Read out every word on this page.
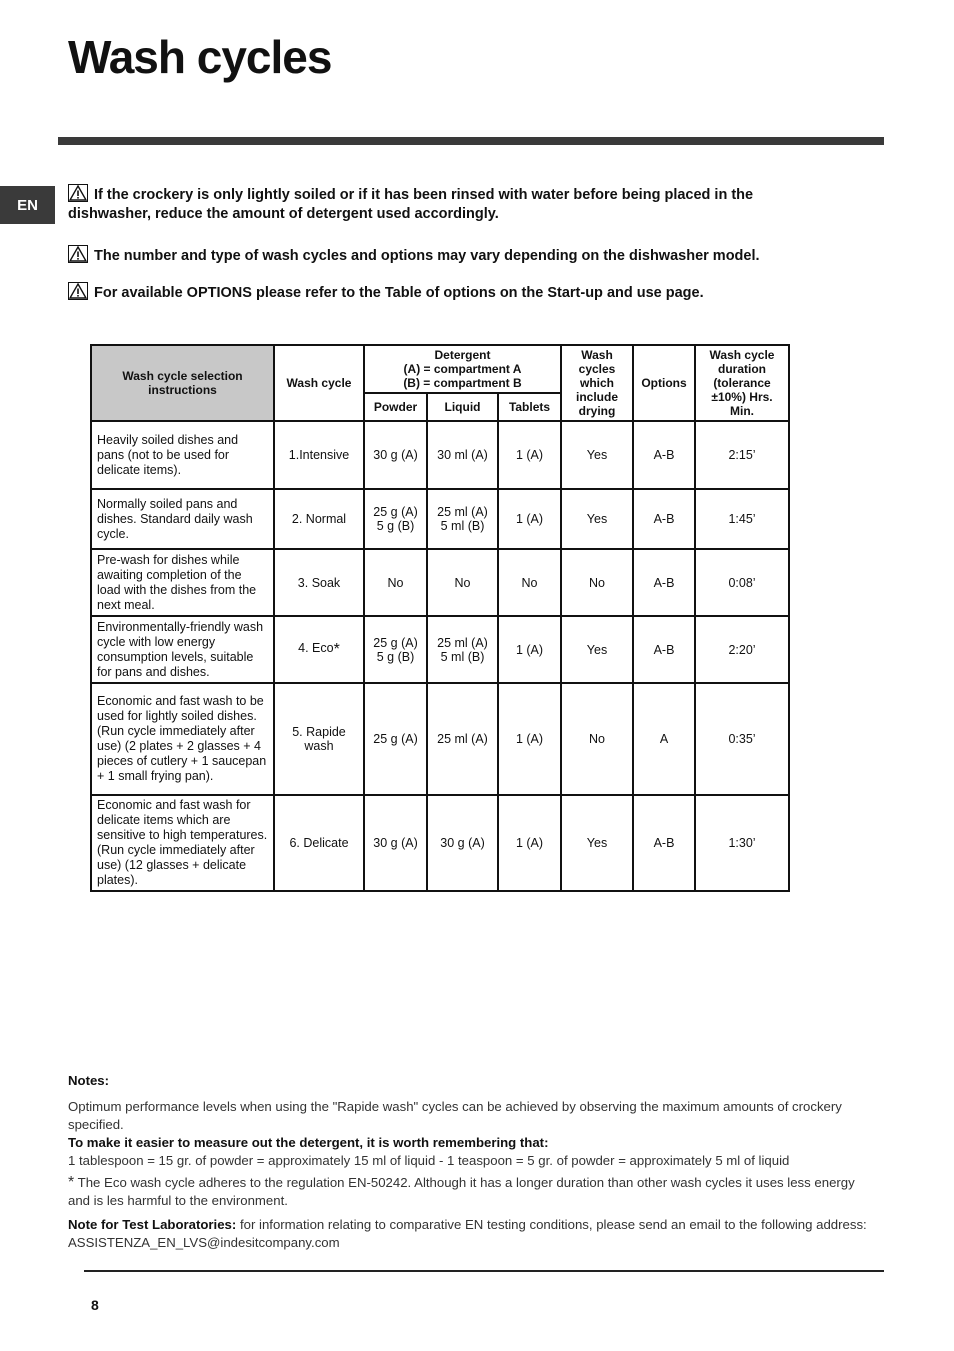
Wash cycles
EN
If the crockery is only lightly soiled or if it has been rinsed with water before being placed in the dishwasher, reduce the amount of detergent used accordingly.
The number and type of wash cycles and options may vary depending on the dishwasher model.
For available OPTIONS please refer to the Table of options on the Start-up and use page.
Wash cycle selection instructions	Wash cycle	Detergent
(A) = compartment A
(B) = compartment B			Wash cycles which include drying	Options	Wash cycle duration (tolerance ±10%) Hrs. Min.
		Powder	Liquid	Tablets			
Heavily soiled dishes and pans (not to be used for delicate items).	1.Intensive	30 g (A)	30 ml (A)	1 (A)	Yes	A-B	2:15’
Normally soiled pans and dishes. Standard daily wash cycle.	2. Normal	25 g (A) 5 g (B)	25 ml (A) 5 ml (B)	1 (A)	Yes	A-B	1:45’
Pre-wash for dishes while awaiting completion of the load with the dishes from the next meal.	3. Soak	No	No	No	No	A-B	0:08’
Environmentally-friendly wash cycle with low energy consumption levels, suitable for pans and dishes.	4. Eco*	25 g (A) 5 g (B)	25 ml (A) 5 ml (B)	1 (A)	Yes	A-B	2:20’
Economic and fast wash to be used for lightly soiled dishes. (Run cycle immediately after use) (2 plates + 2 glasses + 4 pieces of cutlery + 1 saucepan + 1 small frying pan).	5. Rapide wash	25 g (A)	25 ml (A)	1 (A)	No	A	0:35’
Economic and fast wash for delicate items which are sensitive to high temperatures. (Run cycle immediately after use) (12 glasses + delicate plates).	6. Delicate	30 g (A)	30 g (A)	1 (A)	Yes	A-B	1:30’
Notes:

Optimum performance levels when using the "Rapide wash" cycles can be achieved by observing the maximum amounts of crockery specified.

To make it easier to measure out the detergent, it is worth remembering that:

1 tablespoon = 15 gr. of powder = approximately 15 ml of liquid - 1 teaspoon = 5 gr. of powder = approximately 5 ml of liquid

* The Eco wash cycle adheres to the regulation EN-50242. Although it has a longer duration than other wash cycles it uses less energy and is les harmful to the environment.

Note for Test Laboratories: for information relating to comparative EN testing conditions, please send an email to the following address: ASSISTENZA_EN_LVS@indesitcompany.com

8
